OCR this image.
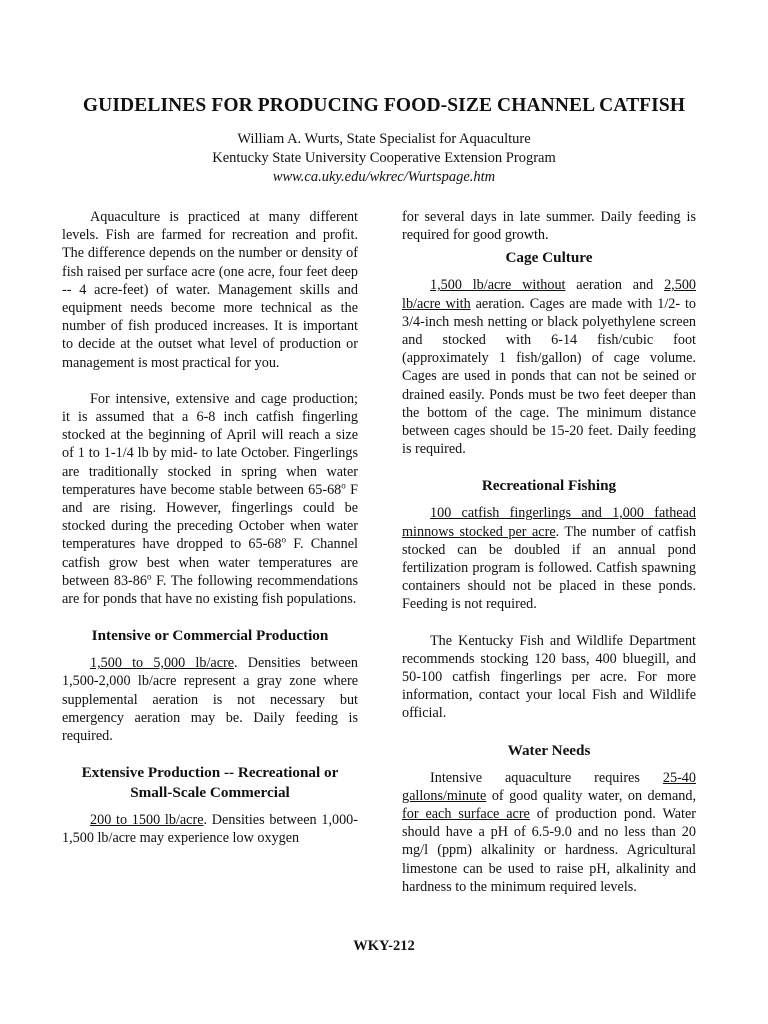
GUIDELINES FOR PRODUCING FOOD-SIZE CHANNEL CATFISH
William A. Wurts, State Specialist for Aquaculture
Kentucky State University Cooperative Extension Program
www.ca.uky.edu/wkrec/Wurtspage.htm

Aquaculture is practiced at many different levels. Fish are farmed for recreation and profit. The difference depends on the number or density of fish raised per surface acre (one acre, four feet deep -- 4 acre-feet) of water. Management skills and equipment needs become more technical as the number of fish produced increases. It is important to decide at the outset what level of production or management is most practical for you.

For intensive, extensive and cage production; it is assumed that a 6-8 inch catfish fingerling stocked at the beginning of April will reach a size of 1 to 1-1/4 lb by mid- to late October. Fingerlings are traditionally stocked in spring when water temperatures have become stable between 65-68$^o$ F and are rising. However, fingerlings could be stocked during the preceding October when water temperatures have dropped to 65-68$^o$ F. Channel catfish grow best when water temperatures are between 83-86$^o$ F. The following recommendations are for ponds that have no existing fish populations.

Intensive or Commercial Production

1,500 to 5,000 lb/acre. Densities between 1,500-2,000 lb/acre represent a gray zone where supplemental aeration is not necessary but emergency aeration may be. Daily feeding is required.

Extensive Production -- Recreational or
Small-Scale Commercial

200 to 1500 lb/acre. Densities between 1,000-1,500 lb/acre may experience low oxygen

for several days in late summer. Daily feeding is required for good growth.

Cage Culture

1,500 lb/acre without aeration and 2,500 lb/acre with aeration. Cages are made with 1/2- to 3/4-inch mesh netting or black polyethylene screen and stocked with 6-14 fish/cubic foot (approximately 1 fish/gallon) of cage volume. Cages are used in ponds that can not be seined or drained easily. Ponds must be two feet deeper than the bottom of the cage. The minimum distance between cages should be 15-20 feet. Daily feeding is required.

Recreational Fishing

100 catfish fingerlings and 1,000 fathead minnows stocked per acre. The number of catfish stocked can be doubled if an annual pond fertilization program is followed. Catfish spawning containers should not be placed in these ponds. Feeding is not required.

The Kentucky Fish and Wildlife Department recommends stocking 120 bass, 400 bluegill, and 50-100 catfish fingerlings per acre. For more information, contact your local Fish and Wildlife official.

Water Needs

Intensive aquaculture requires 25-40 gallons/minute of good quality water, on demand, for each surface acre of production pond. Water should have a pH of 6.5-9.0 and no less than 20 mg/l (ppm) alkalinity or hardness. Agricultural limestone can be used to raise pH, alkalinity and hardness to the minimum required levels.

WKY-212
